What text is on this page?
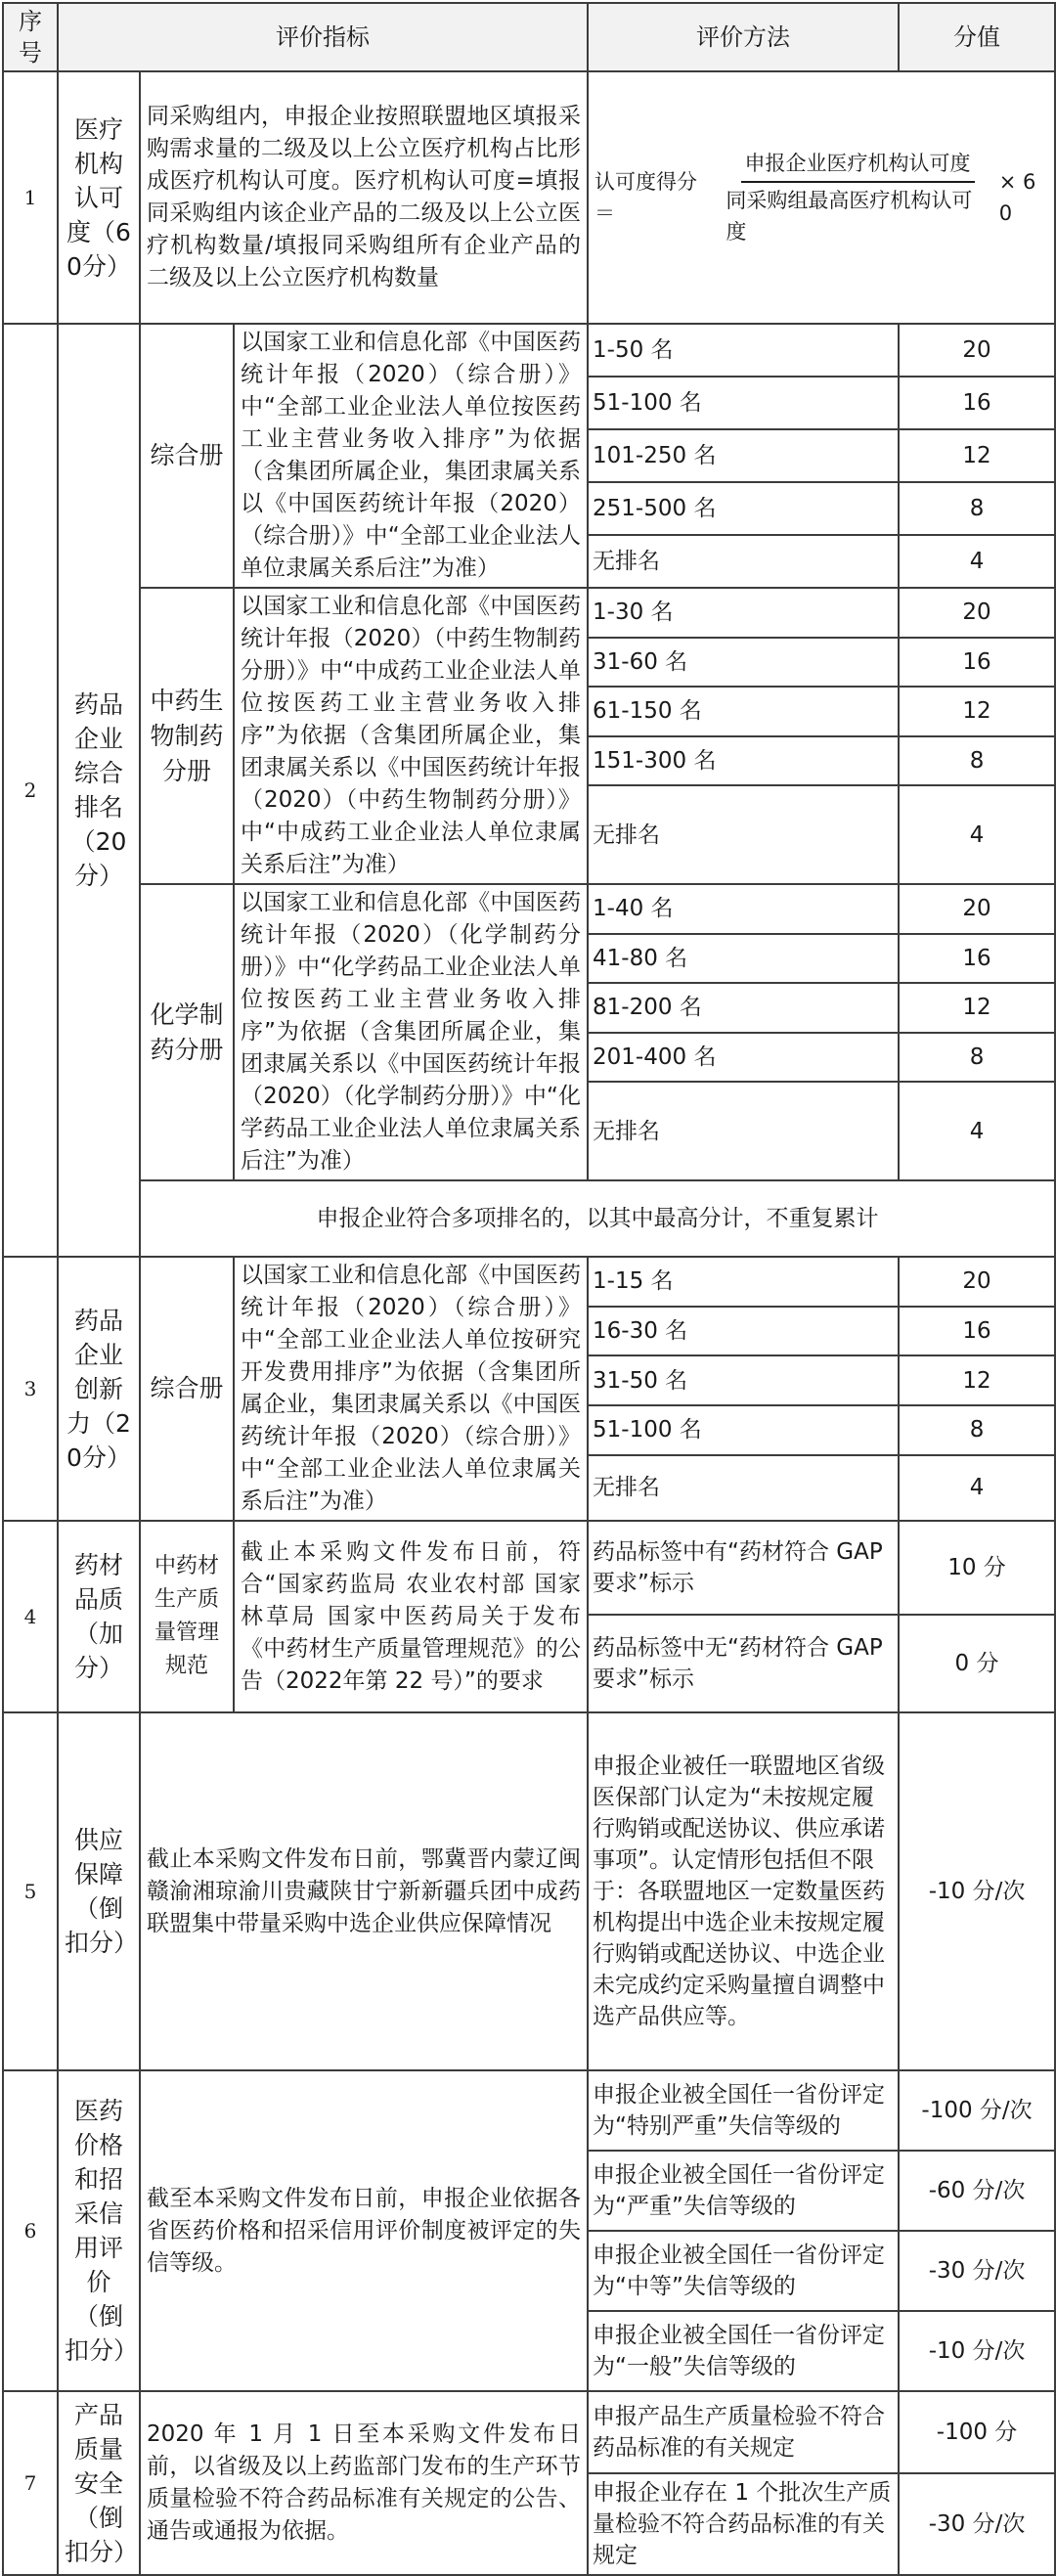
序号	评价指标			评价方法	分值
1	医疗机构认可度（60分）	同采购组内，申报企业按照联盟地区填报采购需求量的二级及以上公立医疗机构占比形成医疗机构认可度。医疗机构认可度=填报同采购组内该企业产品的二级及以上公立医疗机构数量/填报同采购组所有企业产品的二级及以上公立医疗机构数量		认可度得分＝ $\frac{\text{申报企业医疗机构认可度}}{\text{同采购组最高医疗机构认可度}} \times 60$	

2	药品企业综合排名（20分）	综合册	以国家工业和信息化部《中国医药统计年报（2020）（综合册）》中“全部工业企业法人单位按医药工业主营业务收入排序”为依据（含集团所属企业，集团隶属关系以《中国医药统计年报（2020）（综合册）》中“全部工业企业法人单位隶属关系后注”为准）	1-50 名	20
				51-100 名	16
				101-250 名	12
				251-500 名	8
				无排名	4
		中药生物制药分册	以国家工业和信息化部《中国医药统计年报（2020）（中药生物制药分册）》中“中成药工业企业法人单位按医药工业主营业务收入排序”为依据（含集团所属企业，集团隶属关系以《中国医药统计年报（2020）（中药生物制药分册）》中“中成药工业企业法人单位隶属关系后注”为准）	1-30 名	20
				31-60 名	16
				61-150 名	12
				151-300 名	8
				无排名	4
		化学制药分册	以国家工业和信息化部《中国医药统计年报（2020）（化学制药分册）》中“化学药品工业企业法人单位按医药工业主营业务收入排序”为依据（含集团所属企业，集团隶属关系以《中国医药统计年报（2020）（化学制药分册）》中“化学药品工业企业法人单位隶属关系后注”为准）	1-40 名	20
				41-80 名	16
				81-200 名	12
				201-400 名	8
				无排名	4
		申报企业符合多项排名的，以其中最高分计，不重复累计			
3	药品企业创新力（20分）	综合册	以国家工业和信息化部《中国医药统计年报（2020）（综合册）》中“全部工业企业法人单位按研究开发费用排序”为依据（含集团所属企业，集团隶属关系以《中国医药统计年报（2020）（综合册）》中“全部工业企业法人单位隶属关系后注”为准）	1-15 名	20
				16-30 名	16
				31-50 名	12
				51-100 名	8
				无排名	4
4	药材品质（加分）	中药材生产质量管理规范	截止本采购文件发布日前，符合“国家药监局 农业农村部 国家林草局 国家中医药局关于发布《中药材生产质量管理规范》的公告（2022年第 22 号）”的要求	药品标签中有“药材符合 GAP 要求”标示	10 分
				药品标签中无“药材符合 GAP 要求”标示	0 分
5	供应保障（倒扣分）	截止本采购文件发布日前，鄂冀晋内蒙辽闽赣渝湘琼渝川贵藏陕甘宁新新疆兵团中成药联盟集中带量采购中选企业供应保障情况		申报企业被任一联盟地区省级医保部门认定为“未按规定履行购销或配送协议、供应承诺事项”。认定情形包括但不限于：各联盟地区一定数量医药机构提出中选企业未按规定履行购销或配送协议、中选企业未完成约定采购量擅自调整中选产品供应等。	-10 分/次
6	医药价格和招采信用评价（倒扣分）	截至本采购文件发布日前，申报企业依据各省医药价格和招采信用评价制度被评定的失信等级。		申报企业被全国任一省份评定为“特别严重”失信等级的	-100 分/次
				申报企业被全国任一省份评定为“严重”失信等级的	-60 分/次
				申报企业被全国任一省份评定为“中等”失信等级的	-30 分/次
				申报企业被全国任一省份评定为“一般”失信等级的	-10 分/次
7	产品质量安全（倒扣分）	2020 年 1 月 1 日至本采购文件发布日前，以省级及以上药监部门发布的生产环节质量检验不符合药品标准有关规定的公告、通告或通报为依据。		申报产品生产质量检验不符合药品标准的有关规定	-100 分
				申报企业存在 1 个批次生产质量检验不符合药品标准的有关规定	-30 分/次
